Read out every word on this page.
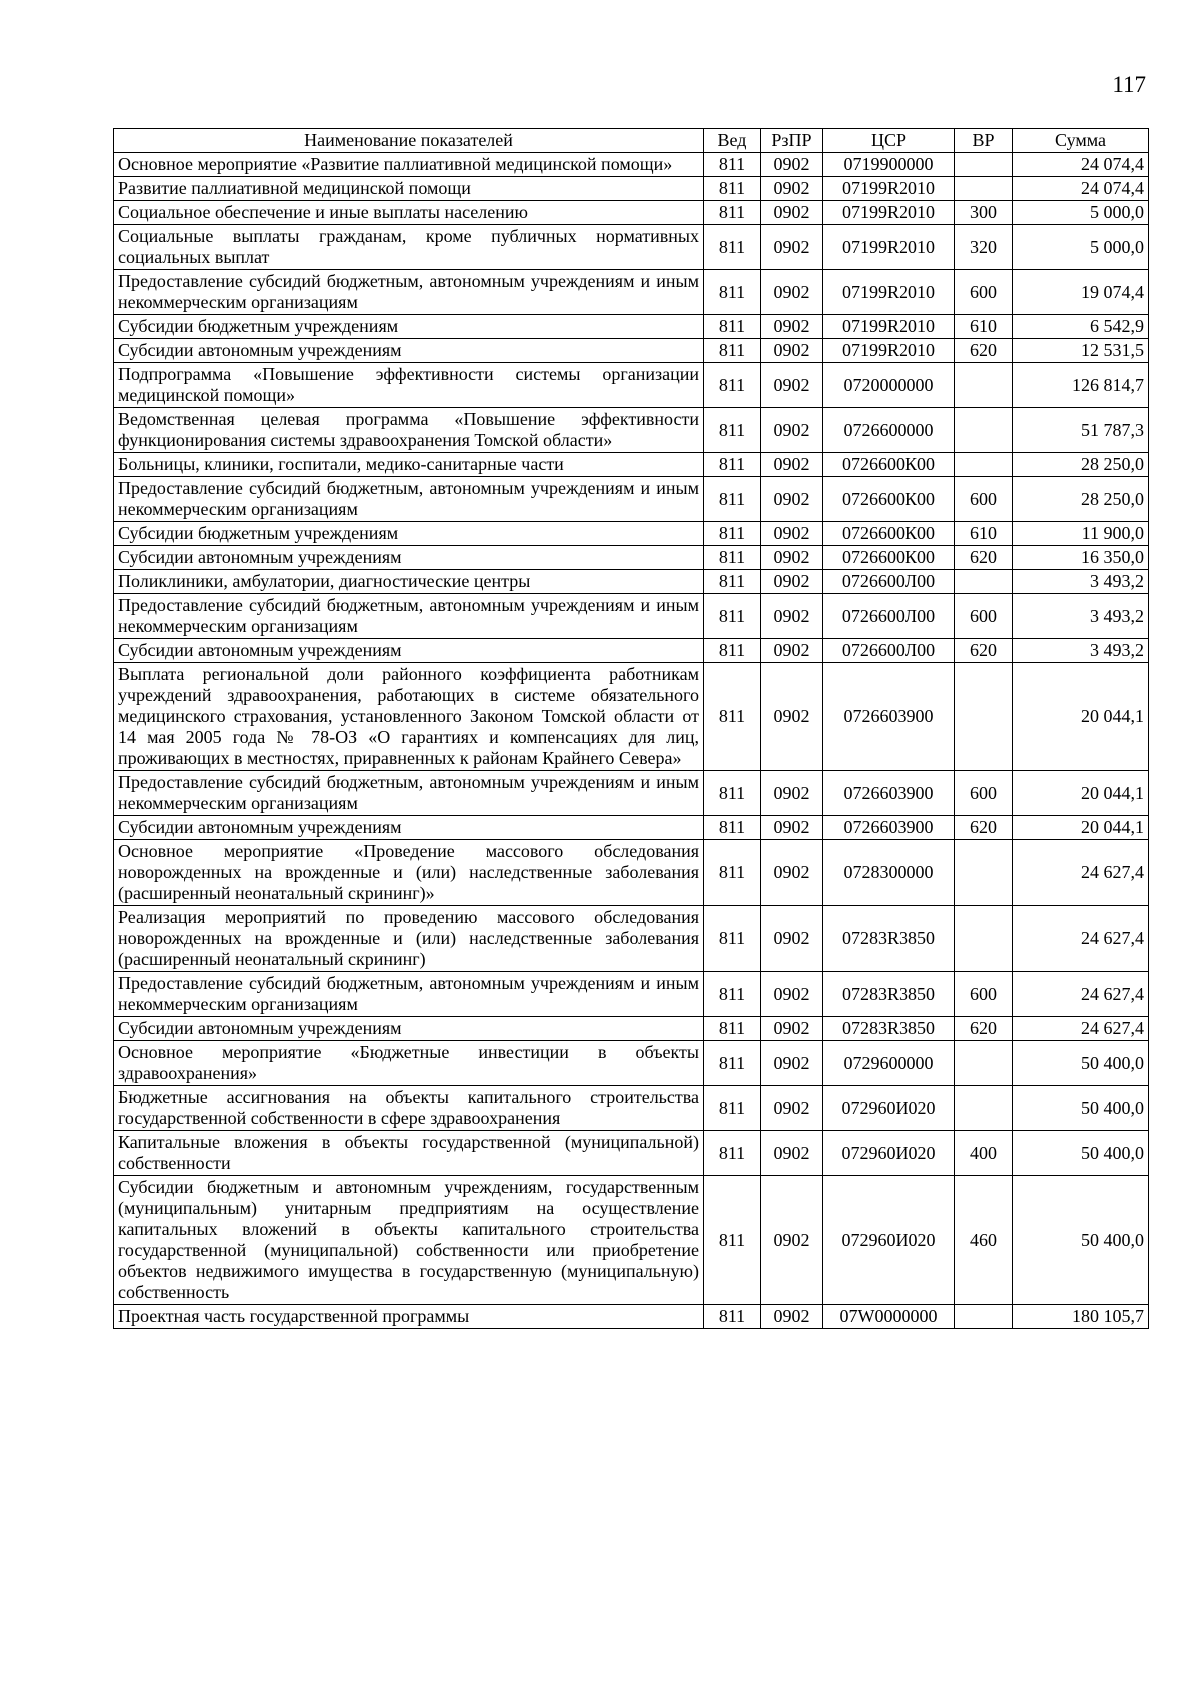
117
Наименование показателей	Вед	РзПР	ЦСР	ВР	Сумма
Основное мероприятие «Развитие паллиативной медицинской помощи»	811	0902	0719900000		24 074,4
Развитие паллиативной медицинской помощи	811	0902	07199R2010		24 074,4
Социальное обеспечение и иные выплаты населению	811	0902	07199R2010	300	5 000,0
Социальные выплаты гражданам, кроме публичных нормативных социальных выплат	811	0902	07199R2010	320	5 000,0
Предоставление субсидий бюджетным, автономным учреждениям и иным некоммерческим организациям	811	0902	07199R2010	600	19 074,4
Субсидии бюджетным учреждениям	811	0902	07199R2010	610	6 542,9
Субсидии автономным учреждениям	811	0902	07199R2010	620	12 531,5
Подпрограмма «Повышение эффективности системы организации медицинской помощи»	811	0902	0720000000		126 814,7
Ведомственная целевая программа «Повышение эффективности функционирования системы здравоохранения Томской области»	811	0902	0726600000		51 787,3
Больницы, клиники, госпитали, медико-санитарные части	811	0902	0726600К00		28 250,0
Предоставление субсидий бюджетным, автономным учреждениям и иным некоммерческим организациям	811	0902	0726600К00	600	28 250,0
Субсидии бюджетным учреждениям	811	0902	0726600К00	610	11 900,0
Субсидии автономным учреждениям	811	0902	0726600К00	620	16 350,0
Поликлиники, амбулатории, диагностические центры	811	0902	0726600Л00		3 493,2
Предоставление субсидий бюджетным, автономным учреждениям и иным некоммерческим организациям	811	0902	0726600Л00	600	3 493,2
Субсидии автономным учреждениям	811	0902	0726600Л00	620	3 493,2
Выплата региональной доли районного коэффициента работникам учреждений здравоохранения, работающих в системе обязательного медицинского страхования, установленного Законом Томской области от 14 мая 2005 года № 78-ОЗ «О гарантиях и компенсациях для лиц, проживающих в местностях, приравненных к районам Крайнего Севера»	811	0902	0726603900		20 044,1
Предоставление субсидий бюджетным, автономным учреждениям и иным некоммерческим организациям	811	0902	0726603900	600	20 044,1
Субсидии автономным учреждениям	811	0902	0726603900	620	20 044,1
Основное мероприятие «Проведение массового обследования новорожденных на врожденные и (или) наследственные заболевания (расширенный неонатальный скрининг)»	811	0902	0728300000		24 627,4
Реализация мероприятий по проведению массового обследования новорожденных на врожденные и (или) наследственные заболевания (расширенный неонатальный скрининг)	811	0902	07283R3850		24 627,4
Предоставление субсидий бюджетным, автономным учреждениям и иным некоммерческим организациям	811	0902	07283R3850	600	24 627,4
Субсидии автономным учреждениям	811	0902	07283R3850	620	24 627,4
Основное мероприятие «Бюджетные инвестиции в объекты здравоохранения»	811	0902	0729600000		50 400,0
Бюджетные ассигнования на объекты капитального строительства государственной собственности в сфере здравоохранения	811	0902	072960И020		50 400,0
Капитальные вложения в объекты государственной (муниципальной) собственности	811	0902	072960И020	400	50 400,0
Субсидии бюджетным и автономным учреждениям, государственным (муниципальным) унитарным предприятиям на осуществление капитальных вложений в объекты капитального строительства государственной (муниципальной) собственности или приобретение объектов недвижимого имущества в государственную (муниципальную) собственность	811	0902	072960И020	460	50 400,0
Проектная часть государственной программы	811	0902	07W0000000		180 105,7
